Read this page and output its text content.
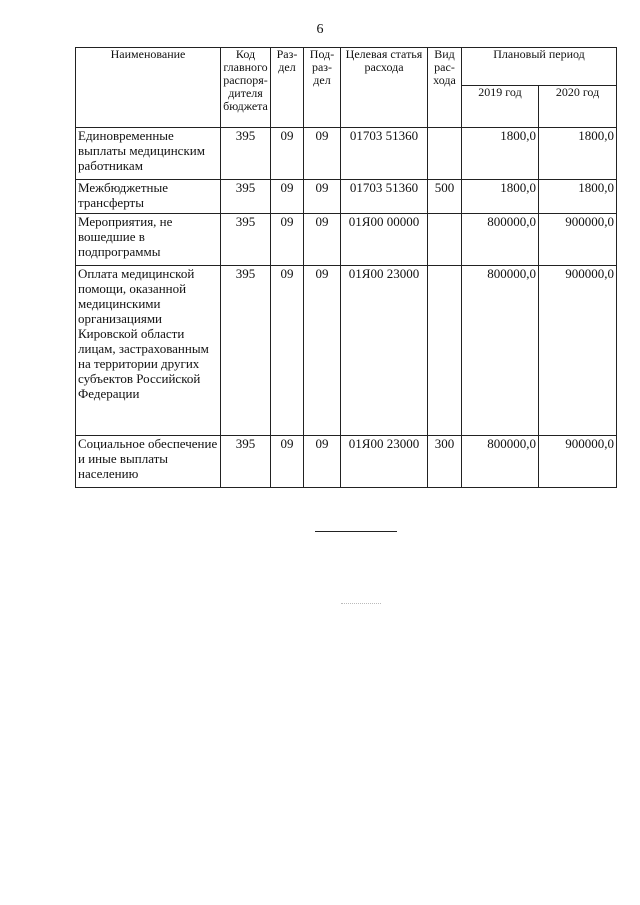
6
Наименование	Код главного распоря-дителя бюджета	Раз-дел	Под-раз-дел	Целевая статья расхода	Вид рас-хода	Плановый период	
						2019 год	2020 год
Единовременные выплаты медицинским работникам	395	09	09	01703 51360		1800,0	1800,0
Межбюджетные трансферты	395	09	09	01703 51360	500	1800,0	1800,0
Мероприятия, не вошедшие в подпрограммы	395	09	09	01Я00 00000		800000,0	900000,0
Оплата медицинской помощи, оказанной медицинскими организациями Кировской области лицам, застрахованным на территории других субъектов Российской Федерации	395	09	09	01Я00 23000		800000,0	900000,0
Социальное обеспечение и иные выплаты населению	395	09	09	01Я00 23000	300	800000,0	900000,0
